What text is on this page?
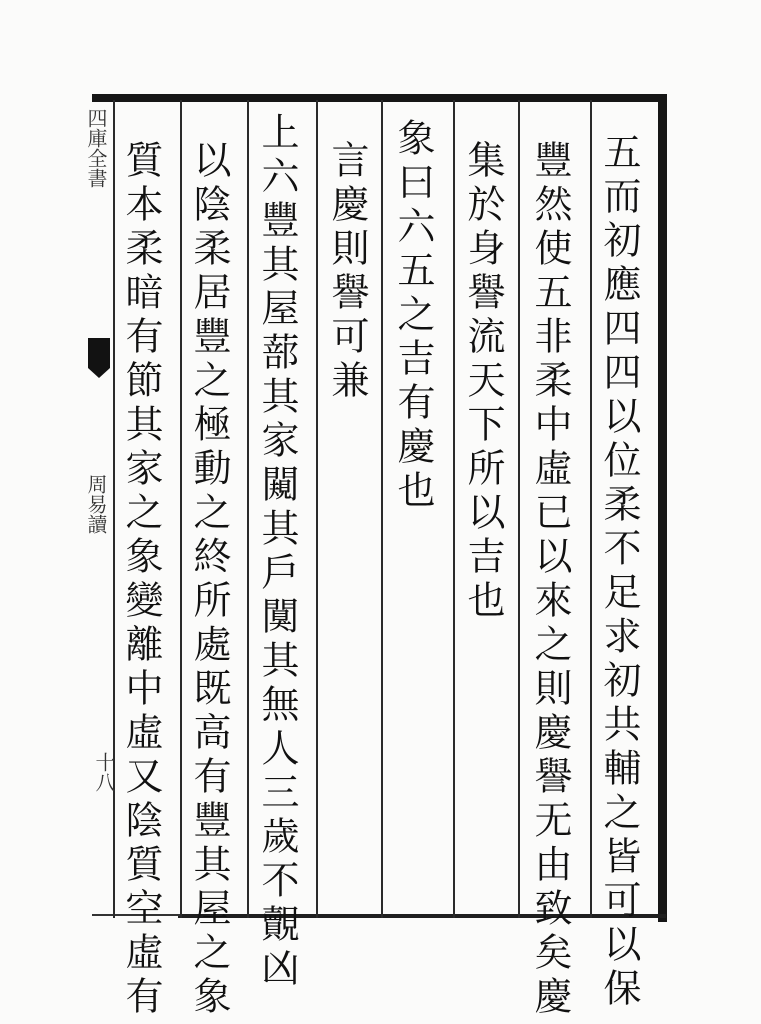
五而初應四四以位柔不足求初共輔之皆可以保
豐然使五非柔中虛已以來之則慶譽无由致矣慶
集於身譽流天下所以吉也
象曰六五之吉有慶也
言慶則譽可兼
上六豐其屋蔀其家闚其戶闃其無人三歲不覿凶
以陰柔居豐之極動之終所處既高有豐其屋之象
質本柔暗有節其家之象變離中虛又陰質空虛有
四庫全書
周易讀
十八
